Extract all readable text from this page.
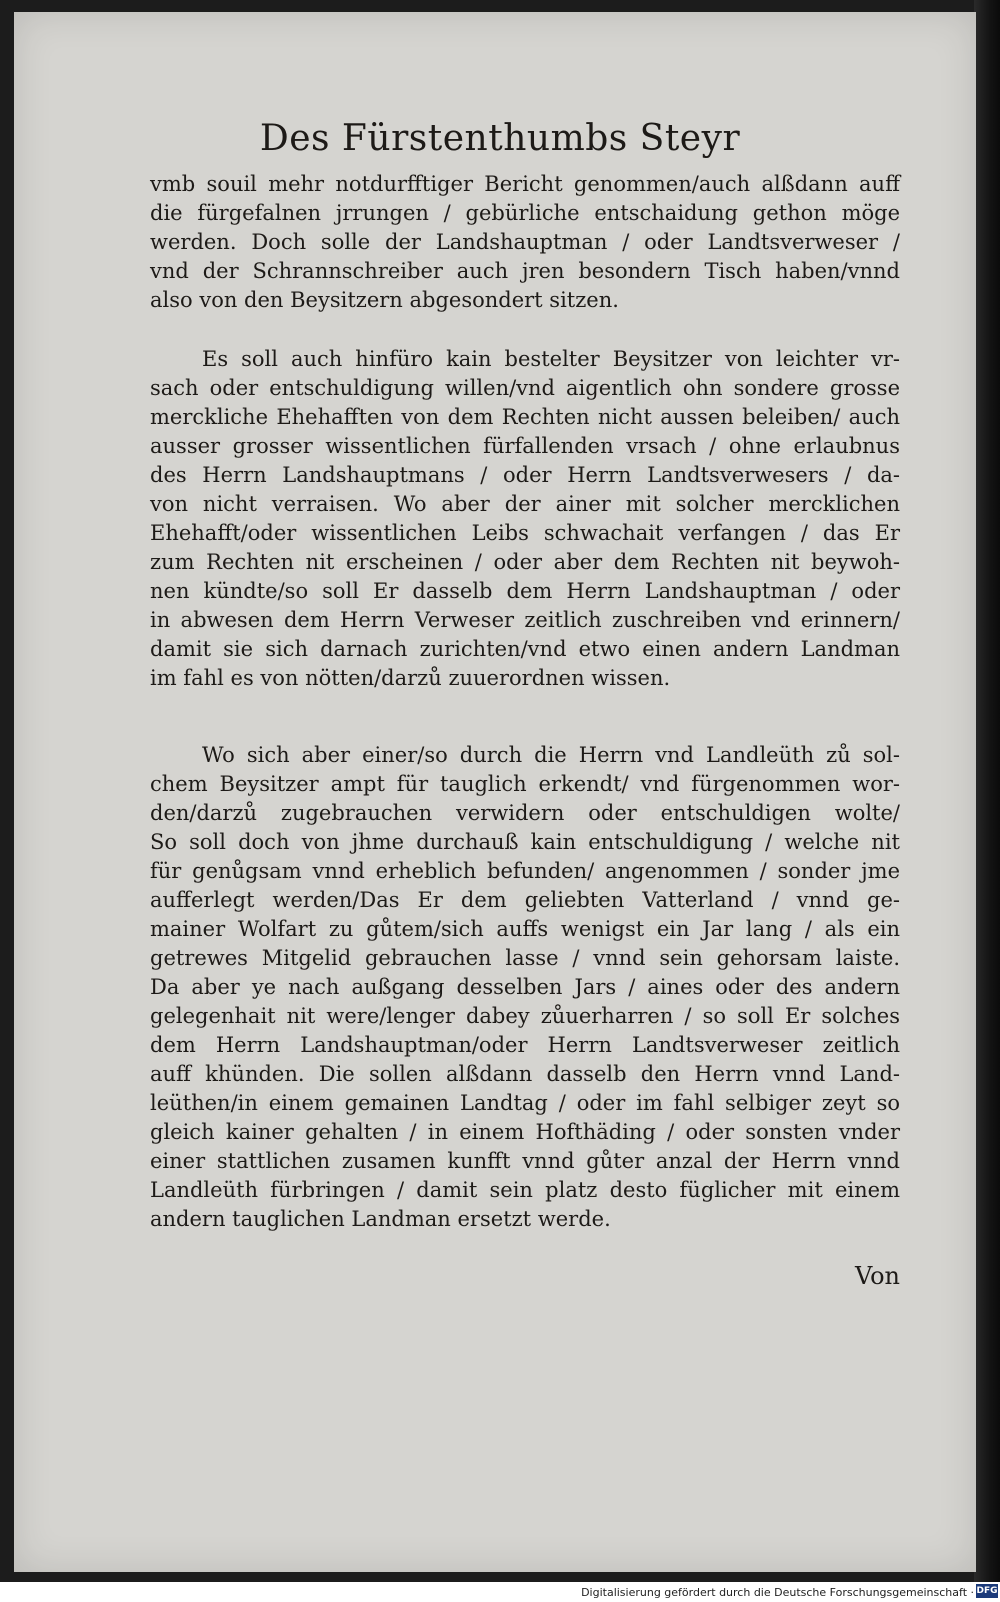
Des Fürstenthumbs Steyr
vmb souil mehr notdurfftiger Bericht genommen/auch alßdann auff
die fürgefalnen jrrungen / gebürliche entschaidung gethon möge
werden. Doch solle der Landshauptman / oder Landtsverweser /
vnd der Schrannschreiber auch jren besondern Tisch haben/vnnd
also von den Beysitzern abgesondert sitzen.
Es soll auch hinfüro kain bestelter Beysitzer von leichter vr-
sach oder entschuldigung willen/vnd aigentlich ohn sondere grosse
merckliche Ehehafften von dem Rechten nicht aussen beleiben/ auch
ausser grosser wissentlichen fürfallenden vrsach / ohne erlaubnus
des Herrn Landshauptmans / oder Herrn Landtsverwesers / da-
von nicht verraisen. Wo aber der ainer mit solcher mercklichen
Ehehafft/oder wissentlichen Leibs schwachait verfangen / das Er
zum Rechten nit erscheinen / oder aber dem Rechten nit beywoh-
nen kündte/so soll Er dasselb dem Herrn Landshauptman / oder
in abwesen dem Herrn Verweser zeitlich zuschreiben vnd erinnern/
damit sie sich darnach zurichten/vnd etwo einen andern Landman
im fahl es von nötten/darzů zuuerordnen wissen.
Wo sich aber einer/so durch die Herrn vnd Landleüth zů sol-
chem Beysitzer ampt für tauglich erkendt/ vnd fürgenommen wor-
den/darzů zugebrauchen verwidern oder entschuldigen wolte/
So soll doch von jhme durchauß kain entschuldigung / welche nit
für genůgsam vnnd erheblich befunden/ angenommen / sonder jme
aufferlegt werden/Das Er dem geliebten Vatterland / vnnd ge-
mainer Wolfart zu gůtem/sich auffs wenigst ein Jar lang / als ein
getrewes Mitgelid gebrauchen lasse / vnnd sein gehorsam laiste.
Da aber ye nach außgang desselben Jars / aines oder des andern
gelegenhait nit were/lenger dabey zůuerharren / so soll Er solches
dem Herrn Landshauptman/oder Herrn Landtsverweser zeitlich
auff khünden. Die sollen alßdann dasselb den Herrn vnnd Land-
leüthen/in einem gemainen Landtag / oder im fahl selbiger zeyt so
gleich kainer gehalten / in einem Hofthäding / oder sonsten vnder
einer stattlichen zusamen kunfft vnnd gůter anzal der Herrn vnnd
Landleüth fürbringen / damit sein platz desto füglicher mit einem
andern tauglichen Landman ersetzt werde.
Von
Digitalisierung gefördert durch die Deutsche Forschungsgemeinschaft · DFG
